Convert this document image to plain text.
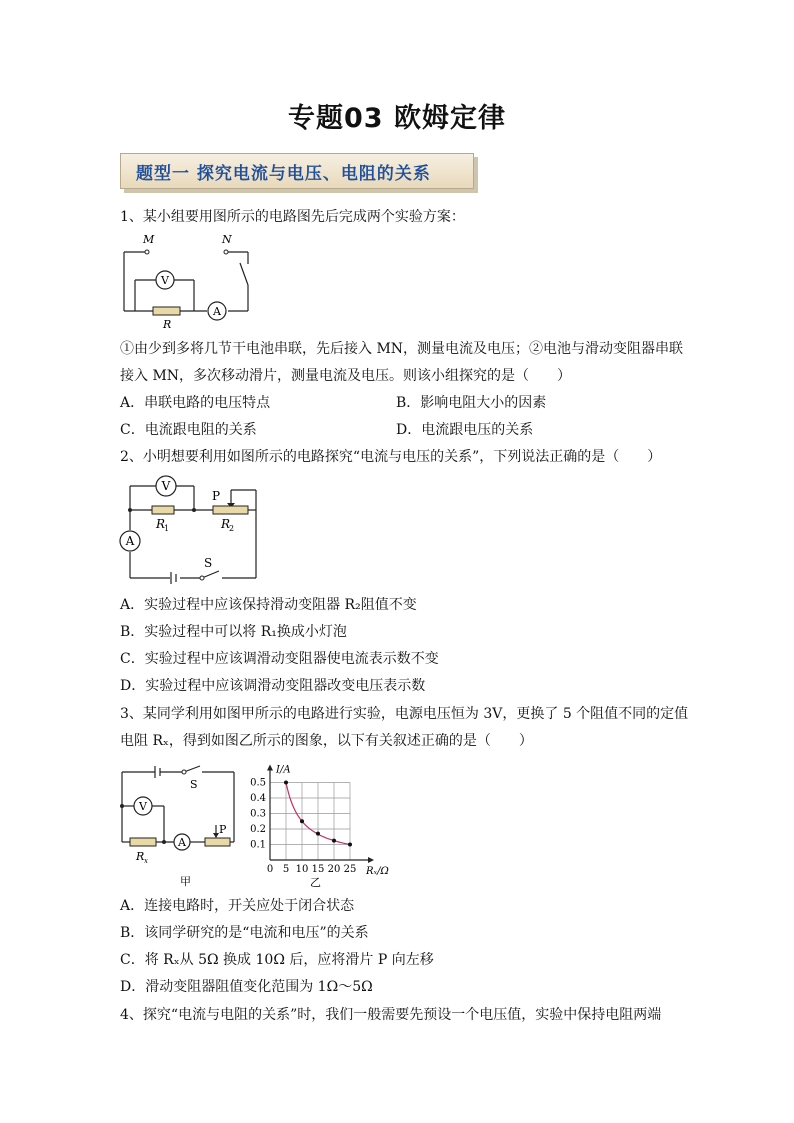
专题03 欧姆定律
题型一 探究电流与电压、电阻的关系
1、某小组要用图所示的电路图先后完成两个实验方案：
V
A
M	N
R
①由少到多将几节干电池串联，先后接入 MN，测量电流及电压；②电池与滑动变阻器串联
接入 MN，多次移动滑片，测量电流及电压。则该小组探究的是（　　）
A．串联电路的电压特点	B．影响电阻大小的因素
C．电流跟电阻的关系	D．电流跟电压的关系
2、小明想要利用如图所示的电路探究“电流与电压的关系”，下列说法正确的是（　　）
V
A
P
R
1	R
2
S
A．实验过程中应该保持滑动变阻器 R₂阻值不变
B．实验过程中可以将 R₁换成小灯泡
C．实验过程中应该调滑动变阻器使电流表示数不变
D．实验过程中应该调滑动变阻器改变电压表示数
3、某同学利用如图甲所示的电路进行实验，电源电压恒为 3V，更换了 5 个阻值不同的定值
电阻 Rₓ，得到如图乙所示的图象，以下有关叙述正确的是（　　）
V
A
S
P
R x
甲
0 5 10 15 20 25
0.1
0.2
0.3
0.4
0.5
I/A
Rₓ/Ω
乙
A．连接电路时，开关应处于闭合状态
B．该同学研究的是“电流和电压”的关系
C．将 Rₓ从 5Ω 换成 10Ω 后，应将滑片 P 向左移
D．滑动变阻器阻值变化范围为 1Ω～5Ω
4、探究“电流与电阻的关系”时，我们一般需要先预设一个电压值，实验中保持电阻两端
